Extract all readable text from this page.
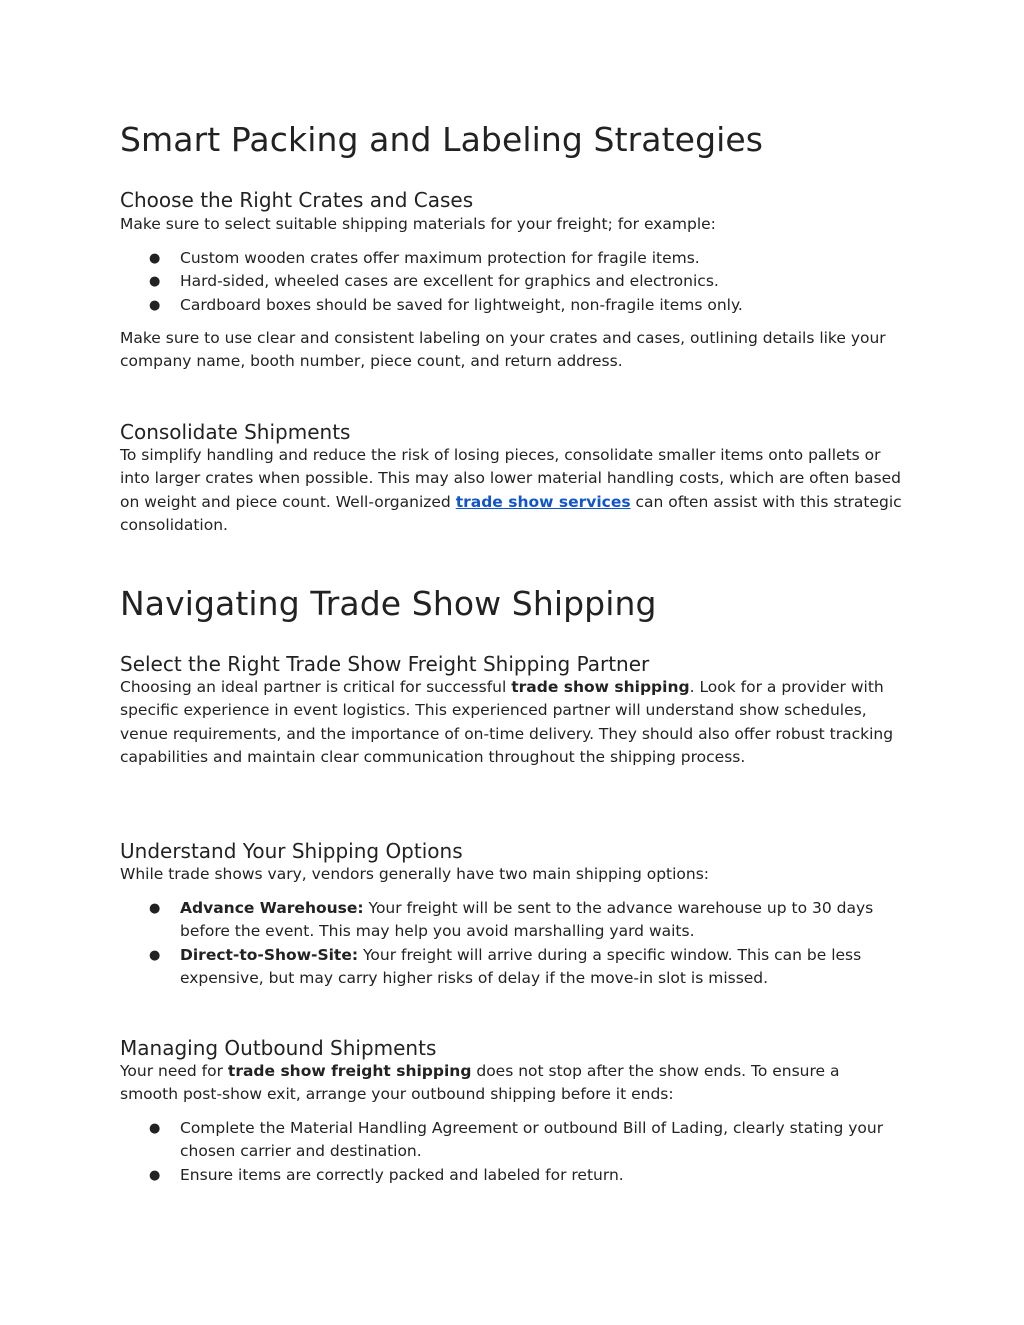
Smart Packing and Labeling Strategies
Choose the Right Crates and Cases

Make sure to select suitable shipping materials for your freight; for example:

● Custom wooden crates offer maximum protection for fragile items.
● Hard-sided, wheeled cases are excellent for graphics and electronics.
● Cardboard boxes should be saved for lightweight, non-fragile items only.

Make sure to use clear and consistent labeling on your crates and cases, outlining details like your company name, booth number, piece count, and return address.

Consolidate Shipments

To simplify handling and reduce the risk of losing pieces, consolidate smaller items onto pallets or into larger crates when possible. This may also lower material handling costs, which are often based on weight and piece count. Well-organized trade show services can often assist with this strategic consolidation.

Navigating Trade Show Shipping
Select the Right Trade Show Freight Shipping Partner

Choosing an ideal partner is critical for successful trade show shipping. Look for a provider with specific experience in event logistics. This experienced partner will understand show schedules, venue requirements, and the importance of on-time delivery. They should also offer robust tracking capabilities and maintain clear communication throughout the shipping process.

Understand Your Shipping Options

While trade shows vary, vendors generally have two main shipping options:

● Advance Warehouse: Your freight will be sent to the advance warehouse up to 30 days before the event. This may help you avoid marshalling yard waits.
● Direct-to-Show-Site: Your freight will arrive during a specific window. This can be less expensive, but may carry higher risks of delay if the move-in slot is missed.
Managing Outbound Shipments

Your need for trade show freight shipping does not stop after the show ends. To ensure a smooth post-show exit, arrange your outbound shipping before it ends:

● Complete the Material Handling Agreement or outbound Bill of Lading, clearly stating your chosen carrier and destination.
● Ensure items are correctly packed and labeled for return.
